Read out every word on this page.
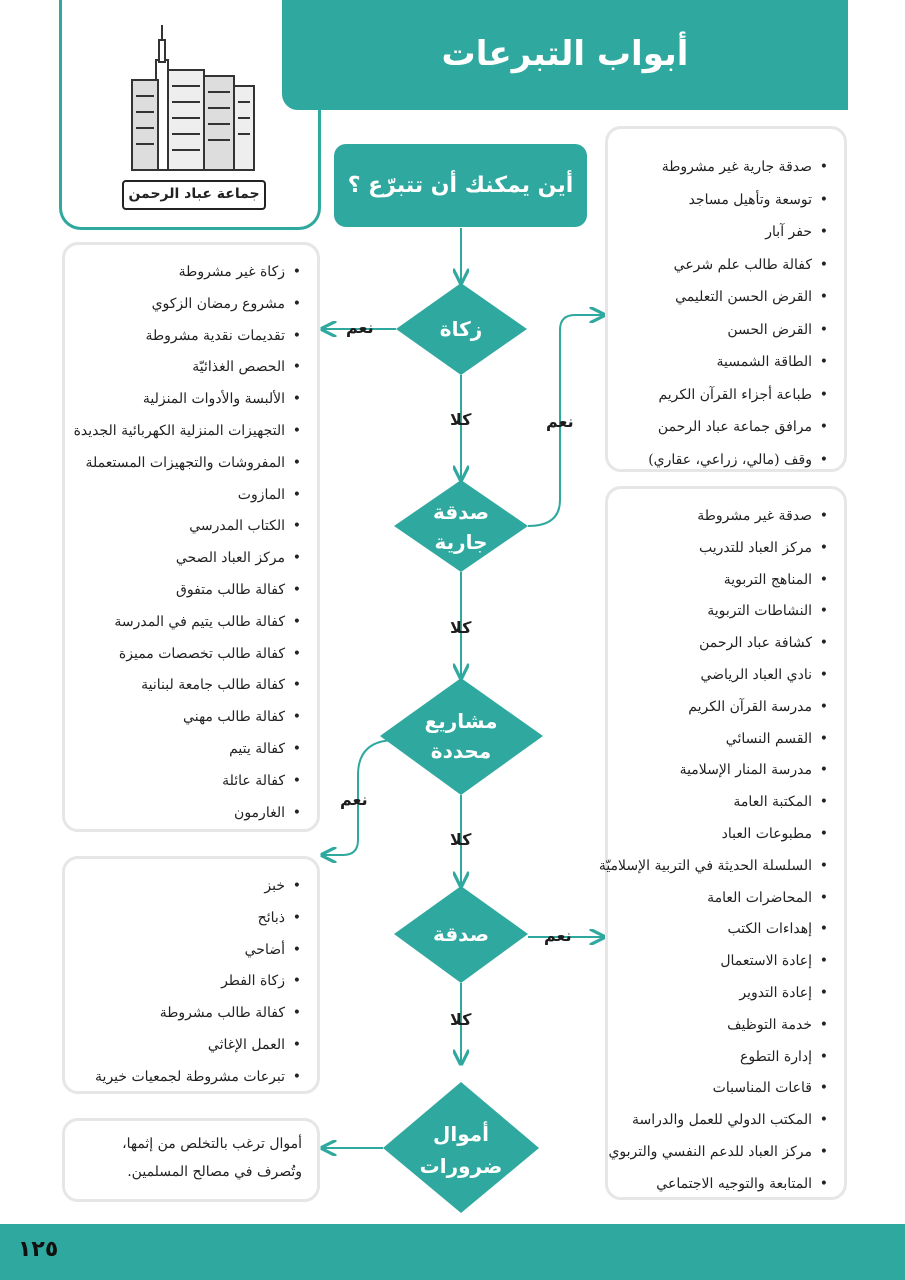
أبواب التبرعات
جماعة عباد الرحمن	أين يمكنك أن تتبرّع ؟
زكاة
صدقة
جارية
مشاريع
محددة
صدقة
أموال
ضرورات
نعم
كلا	نعم
كلا
نعم
كلا
نعم
كلا
• صدقة جارية غير مشروطة
• توسعة وتأهيل مساجد
• حفر آبار
• كفالة طالب علم شرعي
• القرض الحسن التعليمي
• القرض الحسن
• الطاقة الشمسية
• طباعة أجزاء القرآن الكريم
• مرافق جماعة عباد الرحمن
• وقف (مالي، زراعي، عقاري)
• زكاة غير مشروطة
• مشروع رمضان الزكوي
• تقديمات نقدية مشروطة
• الحصص الغذائيّة
• الألبسة والأدوات المنزلية
• التجهيزات المنزلية الكهربائية الجديدة
• المفروشات والتجهيزات المستعملة
• المازوت
• الكتاب المدرسي
• مركز العباد الصحي
• كفالة طالب متفوق
• كفالة طالب يتيم في المدرسة
• كفالة طالب تخصصات مميزة
• كفالة طالب جامعة لبنانية
• كفالة طالب مهني
• كفالة يتيم
• كفالة عائلة
• الغارمون
• صدقة غير مشروطة
• مركز العباد للتدريب
• المناهج التربوية
• النشاطات التربوية
• كشافة عباد الرحمن
• نادي العباد الرياضي
• مدرسة القرآن الكريم
• القسم النسائي
• مدرسة المنار الإسلامية
• المكتبة العامة
• مطبوعات العباد
• السلسلة الحديثة في التربية الإسلاميّة
• المحاضرات العامة
• إهداءات الكتب
• إعادة الاستعمال
• إعادة التدوير
• خدمة التوظيف
• إدارة التطوع
• قاعات المناسبات
• المكتب الدولي للعمل والدراسة
• مركز العباد للدعم النفسي والتربوي
• المتابعة والتوجيه الاجتماعي
• خبز
• ذبائح
• أضاحي
• زكاة الفطر
• كفالة طالب مشروطة
• العمل الإغاثي
• تبرعات مشروطة لجمعيات خيرية
أموال ترغب بالتخلص من إثمها،
وتُصرف في مصالح المسلمين.
١٢٥
